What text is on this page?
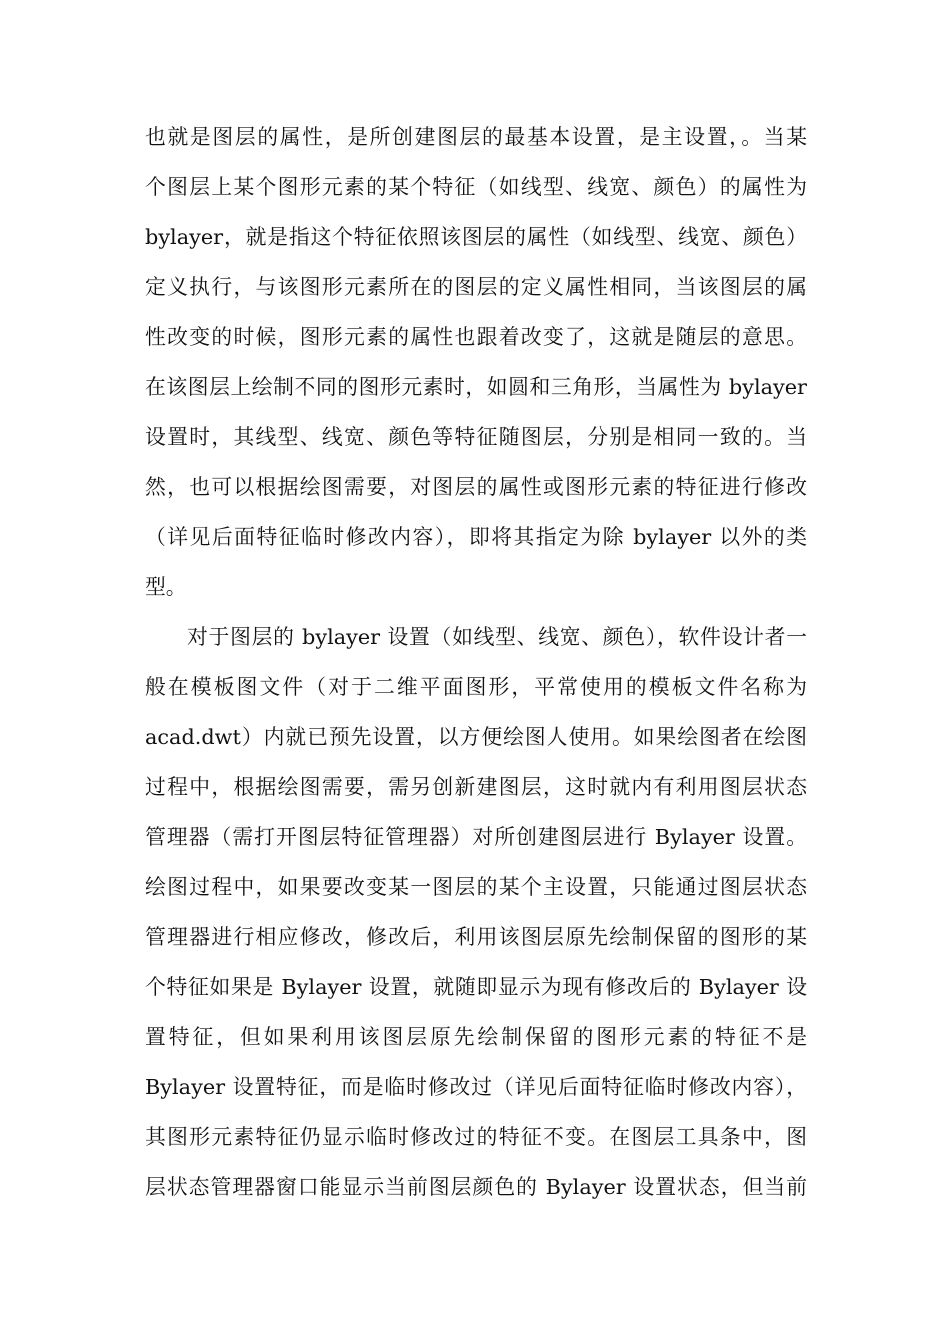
也就是图层的属性，是所创建图层的最基本设置，是主设置，。当某
个图层上某个图形元素的某个特征（如线型、线宽、颜色）的属性为
bylayer，就是指这个特征依照该图层的属性（如线型、线宽、颜色）
定义执行，与该图形元素所在的图层的定义属性相同，当该图层的属
性改变的时候，图形元素的属性也跟着改变了，这就是随层的意思。
在该图层上绘制不同的图形元素时，如圆和三角形，当属性为 bylayer
设置时，其线型、线宽、颜色等特征随图层，分别是相同一致的。当
然，也可以根据绘图需要，对图层的属性或图形元素的特征进行修改
（详见后面特征临时修改内容），即将其指定为除 bylayer 以外的类
型。
对于图层的 bylayer 设置（如线型、线宽、颜色），软件设计者一
般在模板图文件（对于二维平面图形，平常使用的模板文件名称为
acad.dwt）内就已预先设置，以方便绘图人使用。如果绘图者在绘图
过程中，根据绘图需要，需另创新建图层，这时就内有利用图层状态
管理器（需打开图层特征管理器）对所创建图层进行 Bylayer 设置。
绘图过程中，如果要改变某一图层的某个主设置，只能通过图层状态
管理器进行相应修改，修改后，利用该图层原先绘制保留的图形的某
个特征如果是 Bylayer 设置，就随即显示为现有修改后的 Bylayer 设
置特征，但如果利用该图层原先绘制保留的图形元素的特征不是
Bylayer 设置特征，而是临时修改过（详见后面特征临时修改内容），
其图形元素特征仍显示临时修改过的特征不变。在图层工具条中，图
层状态管理器窗口能显示当前图层颜色的 Bylayer 设置状态，但当前
